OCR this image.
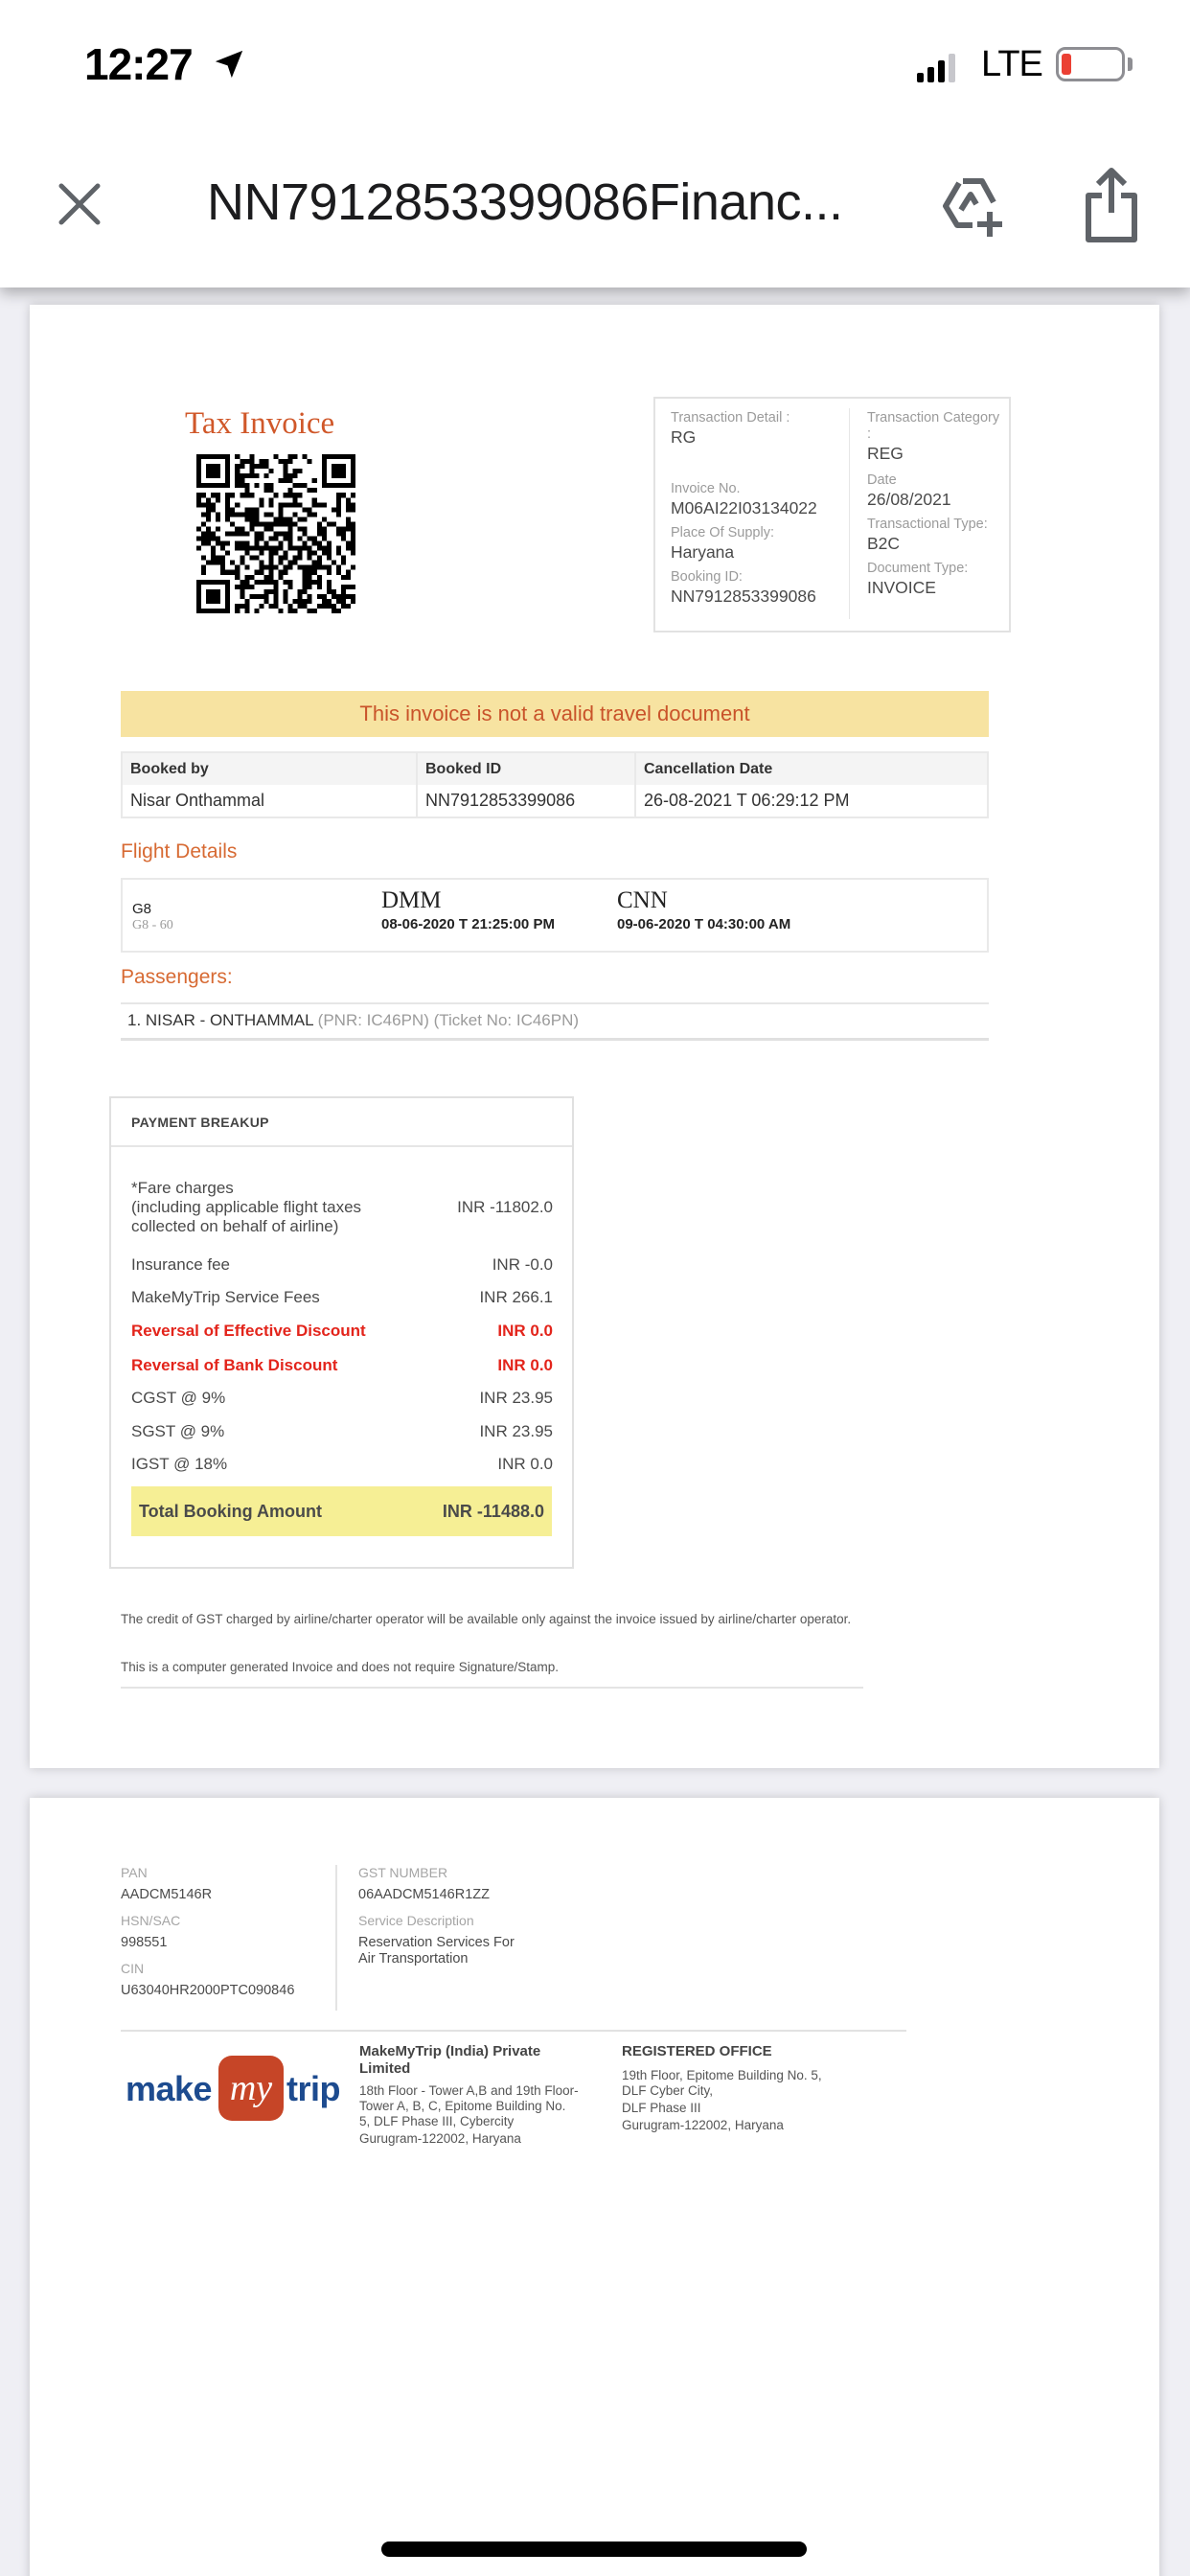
12:27	LTE
NN7912853399086Financ...
Tax Invoice	Transaction Detail :
RG
Invoice No.
M06AI22I03134022
Place Of Supply:
Haryana
Booking ID:
NN7912853399086
Transaction Category :
REG
Date
26/08/2021
Transactional Type:
B2C
Document Type:
INVOICE
This invoice is not a valid travel document
Booked by	Booked ID	Cancellation Date
Nisar Onthammal	NN7912853399086	26-08-2021 T 06:29:12 PM
Flight Details
G8
G8 - 60
DMM
08-06-2020 T 21:25:00 PM
CNN
09-06-2020 T 04:30:00 AM
Passengers:
1. NISAR - ONTHAMMAL (PNR: IC46PN) (Ticket No: IC46PN)
PAYMENT BREAKUP
*Fare charges
(including applicable flight taxes
collected on behalf of airline)
INR -11802.0
Insurance fee	INR -0.0
MakeMyTrip Service Fees	INR 266.1
Reversal of Effective Discount	INR 0.0
Reversal of Bank Discount	INR 0.0
CGST @ 9%	INR 23.95
SGST @ 9%	INR 23.95
IGST @ 18%	INR 0.0
Total Booking Amount	INR -11488.0
The credit of GST charged by airline/charter operator will be available only against the invoice issued by airline/charter operator.
This is a computer generated Invoice and does not require Signature/Stamp.
PAN
AADCM5146R
HSN/SAC
998551
CIN
U63040HR2000PTC090846
GST NUMBER
06AADCM5146R1ZZ
Service Description
Reservation Services For
Air Transportation
make my trip
MakeMyTrip (India) Private Limited
18th Floor - Tower A,B and 19th Floor- Tower A, B, C, Epitome Building No. 5, DLF Phase III, Cybercity
Gurugram-122002, Haryana
REGISTERED OFFICE
19th Floor, Epitome Building No. 5,
DLF Cyber City,
DLF Phase III
Gurugram-122002, Haryana
